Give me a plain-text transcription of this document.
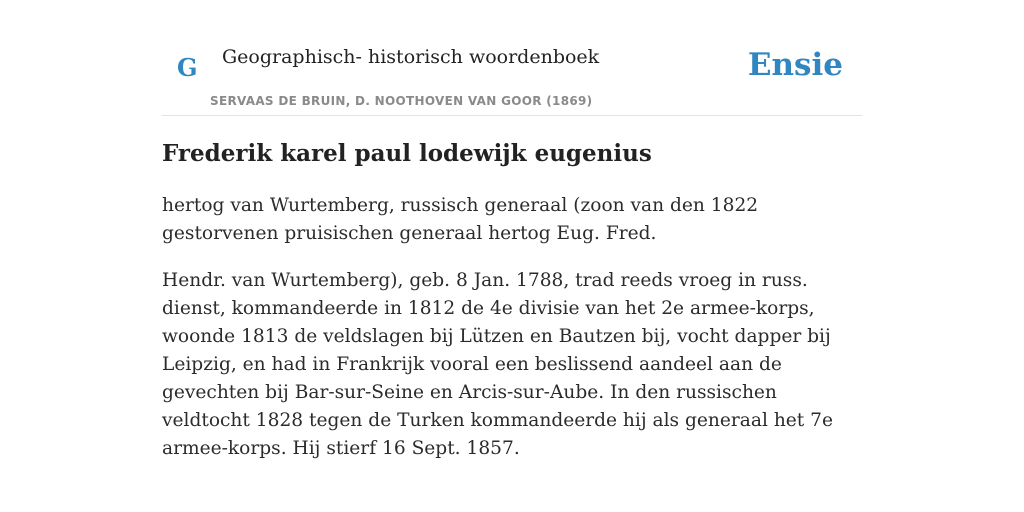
G Geographisch- historisch woordenboek
SERVAAS DE BRUIN, D. NOOTHOVEN VAN GOOR (1869)
Ensie
Frederik karel paul lodewijk eugenius

hertog van Wurtemberg, russisch generaal (zoon van den 1822 gestorvenen pruisischen generaal hertog Eug. Fred.

Hendr. van Wurtemberg), geb. 8 Jan. 1788, trad reeds vroeg in russ. dienst, kommandeerde in 1812 de 4e divisie van het 2e armee-korps, woonde 1813 de veldslagen bij Lützen en Bautzen bij, vocht dapper bij Leipzig, en had in Frankrijk vooral een beslissend aandeel aan de gevechten bij Bar-sur-Seine en Arcis-sur-Aube. In den russischen veldtocht 1828 tegen de Turken kommandeerde hij als generaal het 7e armee-korps. Hij stierf 16 Sept. 1857.
